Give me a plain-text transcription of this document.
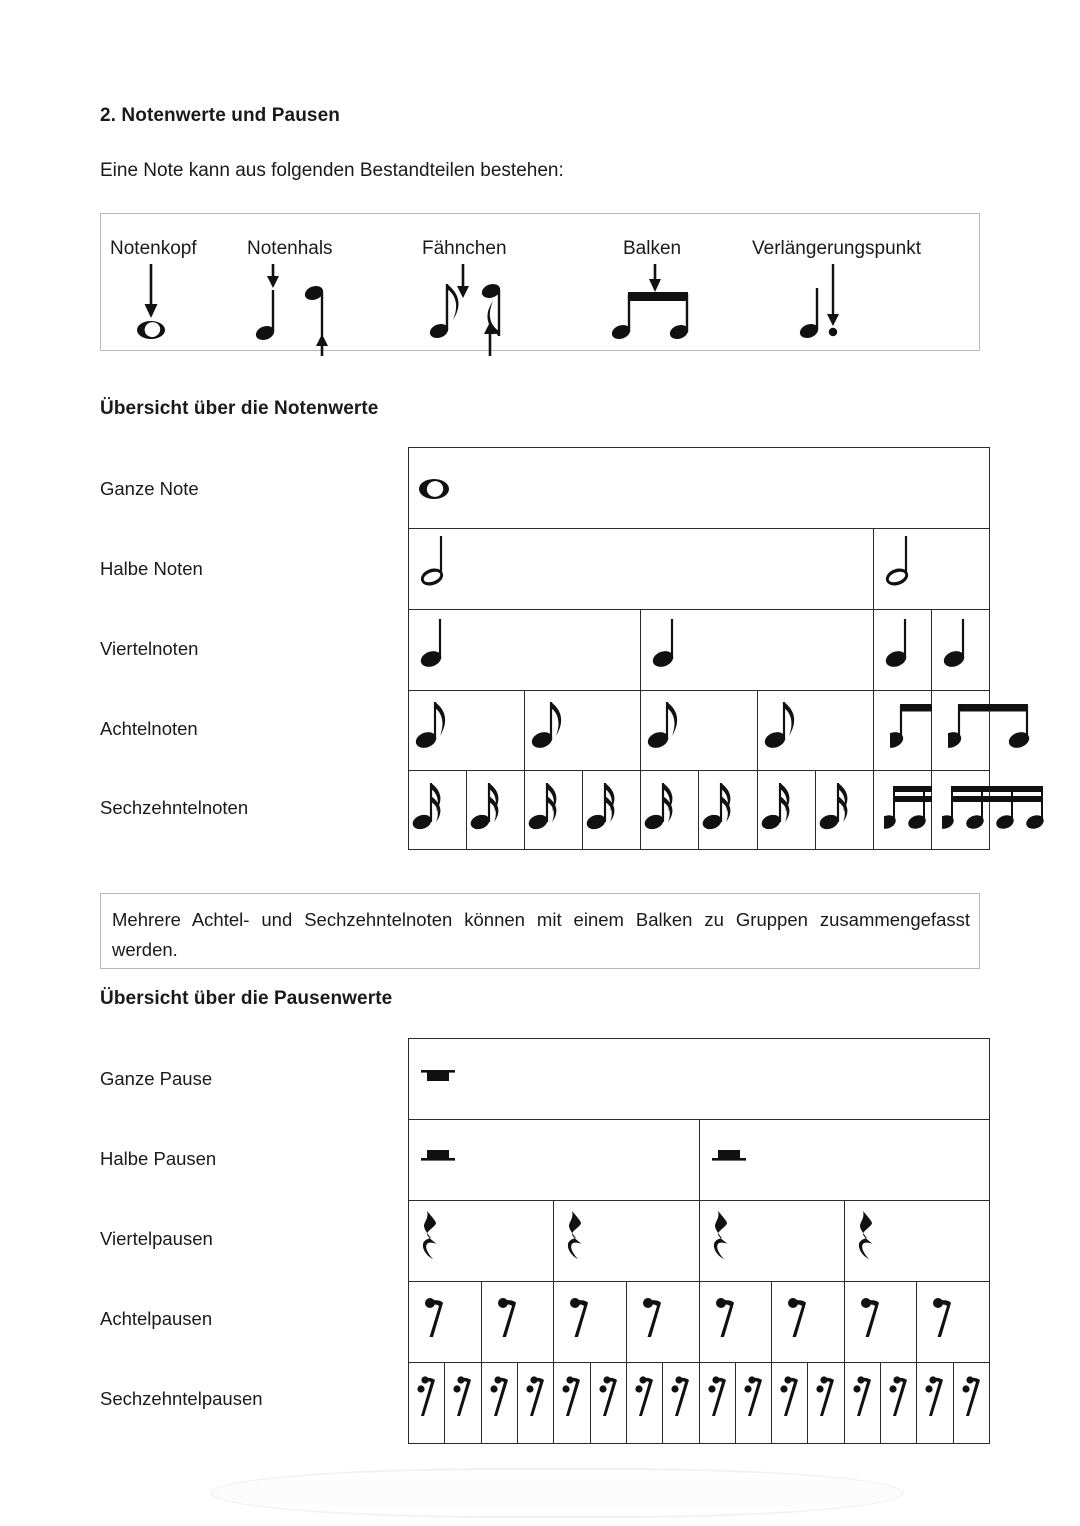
2. Notenwerte und Pausen
Eine Note kann aus folgenden Bestandteilen bestehen:
Notenkopf	Notenhals	Fähnchen	Balken	Verlängerungspunkt
Übersicht über die Notenwerte
Ganze Note
Halbe Noten
Viertelnoten
Achtelnoten
Sechzehntelnoten

Mehrere Achtel- und Sechzehntelnoten können mit einem Balken zu Gruppen zusammengefasst werden.
Übersicht über die Pausenwerte
Ganze Pause
Halbe Pausen
Viertelpausen
Achtelpausen
Sechzehntelpausen
